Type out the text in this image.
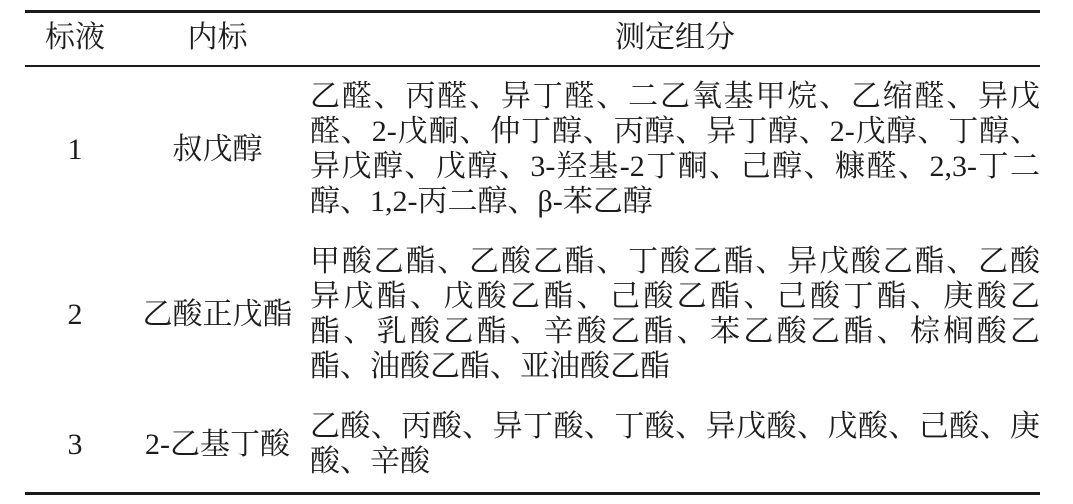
标液	内标	测定组分
1	叔戊醇	乙醛、丙醛、异丁醛、二乙氧基甲烷、乙缩醛、异戊
醛、2-戊酮、仲丁醇、丙醇、异丁醇、2-戊醇、丁醇、
异戊醇、戊醇、3-羟基-2丁酮、己醇、糠醛、2,3-丁二
醇、1,2-丙二醇、β-苯乙醇

2	乙酸正戊酯	甲酸乙酯、乙酸乙酯、丁酸乙酯、异戊酸乙酯、乙酸
异戊酯、戊酸乙酯、己酸乙酯、己酸丁酯、庚酸乙
酯、乳酸乙酯、辛酸乙酯、苯乙酸乙酯、棕榈酸乙
酯、油酸乙酯、亚油酸乙酯

3	2-乙基丁酸	乙酸、丙酸、异丁酸、丁酸、异戊酸、戊酸、己酸、庚
酸、辛酸
